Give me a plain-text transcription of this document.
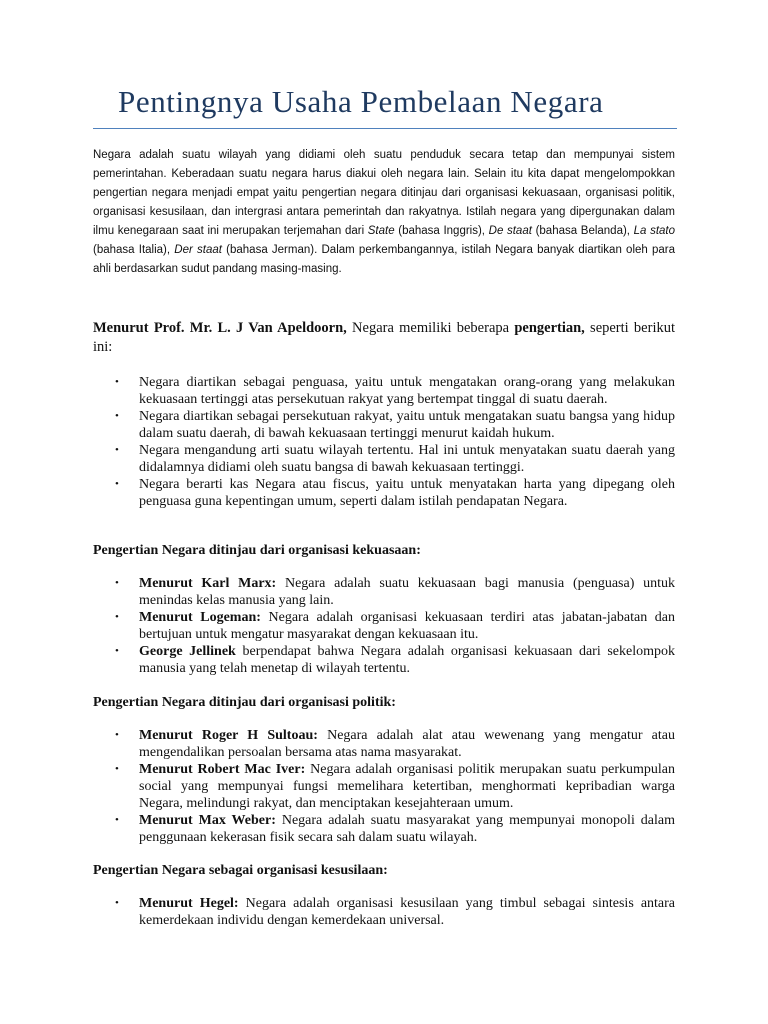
Pentingnya Usaha Pembelaan Negara
Negara adalah suatu wilayah yang didiami oleh suatu penduduk secara tetap dan mempunyai sistem pemerintahan. Keberadaan suatu negara harus diakui oleh negara lain. Selain itu kita dapat mengelompokkan pengertian negara menjadi empat yaitu pengertian negara ditinjau dari organisasi kekuasaan, organisasi politik, organisasi kesusilaan, dan intergrasi antara pemerintah dan rakyatnya. Istilah negara yang dipergunakan dalam ilmu kenegaraan saat ini merupakan terjemahan dari State (bahasa Inggris), De staat (bahasa Belanda), La stato (bahasa Italia), Der staat (bahasa Jerman). Dalam perkembangannya, istilah Negara banyak diartikan oleh para ahli berdasarkan sudut pandang masing-masing.
Menurut Prof. Mr. L. J Van Apeldoorn, Negara memiliki beberapa pengertian, seperti berikut ini:
• Negara diartikan sebagai penguasa, yaitu untuk mengatakan orang-orang yang melakukan kekuasaan tertinggi atas persekutuan rakyat yang bertempat tinggal di suatu daerah.
• Negara diartikan sebagai persekutuan rakyat, yaitu untuk mengatakan suatu bangsa yang hidup dalam suatu daerah, di bawah kekuasaan tertinggi menurut kaidah hukum.
• Negara mengandung arti suatu wilayah tertentu. Hal ini untuk menyatakan suatu daerah yang didalamnya didiami oleh suatu bangsa di bawah kekuasaan tertinggi.
• Negara berarti kas Negara atau fiscus, yaitu untuk menyatakan harta yang dipegang oleh penguasa guna kepentingan umum, seperti dalam istilah pendapatan Negara.
Pengertian Negara ditinjau dari organisasi kekuasaan:
• Menurut Karl Marx: Negara adalah suatu kekuasaan bagi manusia (penguasa) untuk menindas kelas manusia yang lain.
• Menurut Logeman: Negara adalah organisasi kekuasaan terdiri atas jabatan-jabatan dan bertujuan untuk mengatur masyarakat dengan kekuasaan itu.
• George Jellinek berpendapat bahwa Negara adalah organisasi kekuasaan dari sekelompok manusia yang telah menetap di wilayah tertentu.
Pengertian Negara ditinjau dari organisasi politik:
• Menurut Roger H Sultoau: Negara adalah alat atau wewenang yang mengatur atau mengendalikan persoalan bersama atas nama masyarakat.
• Menurut Robert Mac Iver: Negara adalah organisasi politik merupakan suatu perkumpulan social yang mempunyai fungsi memelihara ketertiban, menghormati kepribadian warga Negara, melindungi rakyat, dan menciptakan kesejahteraan umum.
• Menurut Max Weber: Negara adalah suatu masyarakat yang mempunyai monopoli dalam penggunaan kekerasan fisik secara sah dalam suatu wilayah.
Pengertian Negara sebagai organisasi kesusilaan:
• Menurut Hegel: Negara adalah organisasi kesusilaan yang timbul sebagai sintesis antara kemerdekaan individu dengan kemerdekaan universal.
